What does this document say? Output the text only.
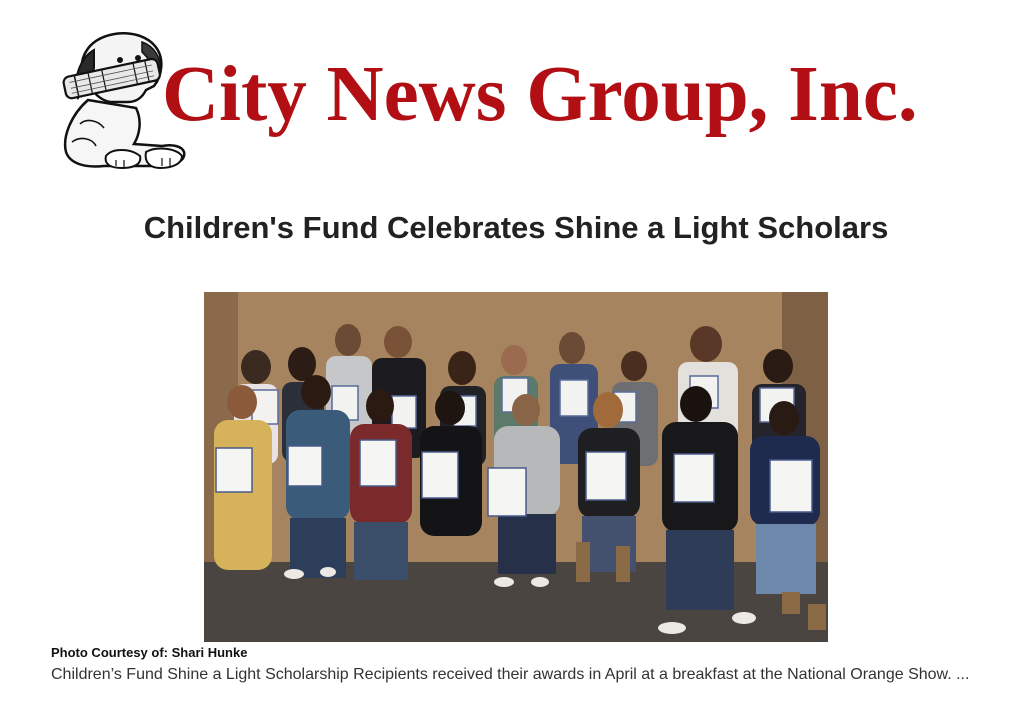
City News Group, Inc.
Children's Fund Celebrates Shine a Light Scholars
Photo Courtesy of: Shari Hunke
Children’s Fund Shine a Light Scholarship Recipients received their awards in April at a breakfast at the National Orange Show. ...
